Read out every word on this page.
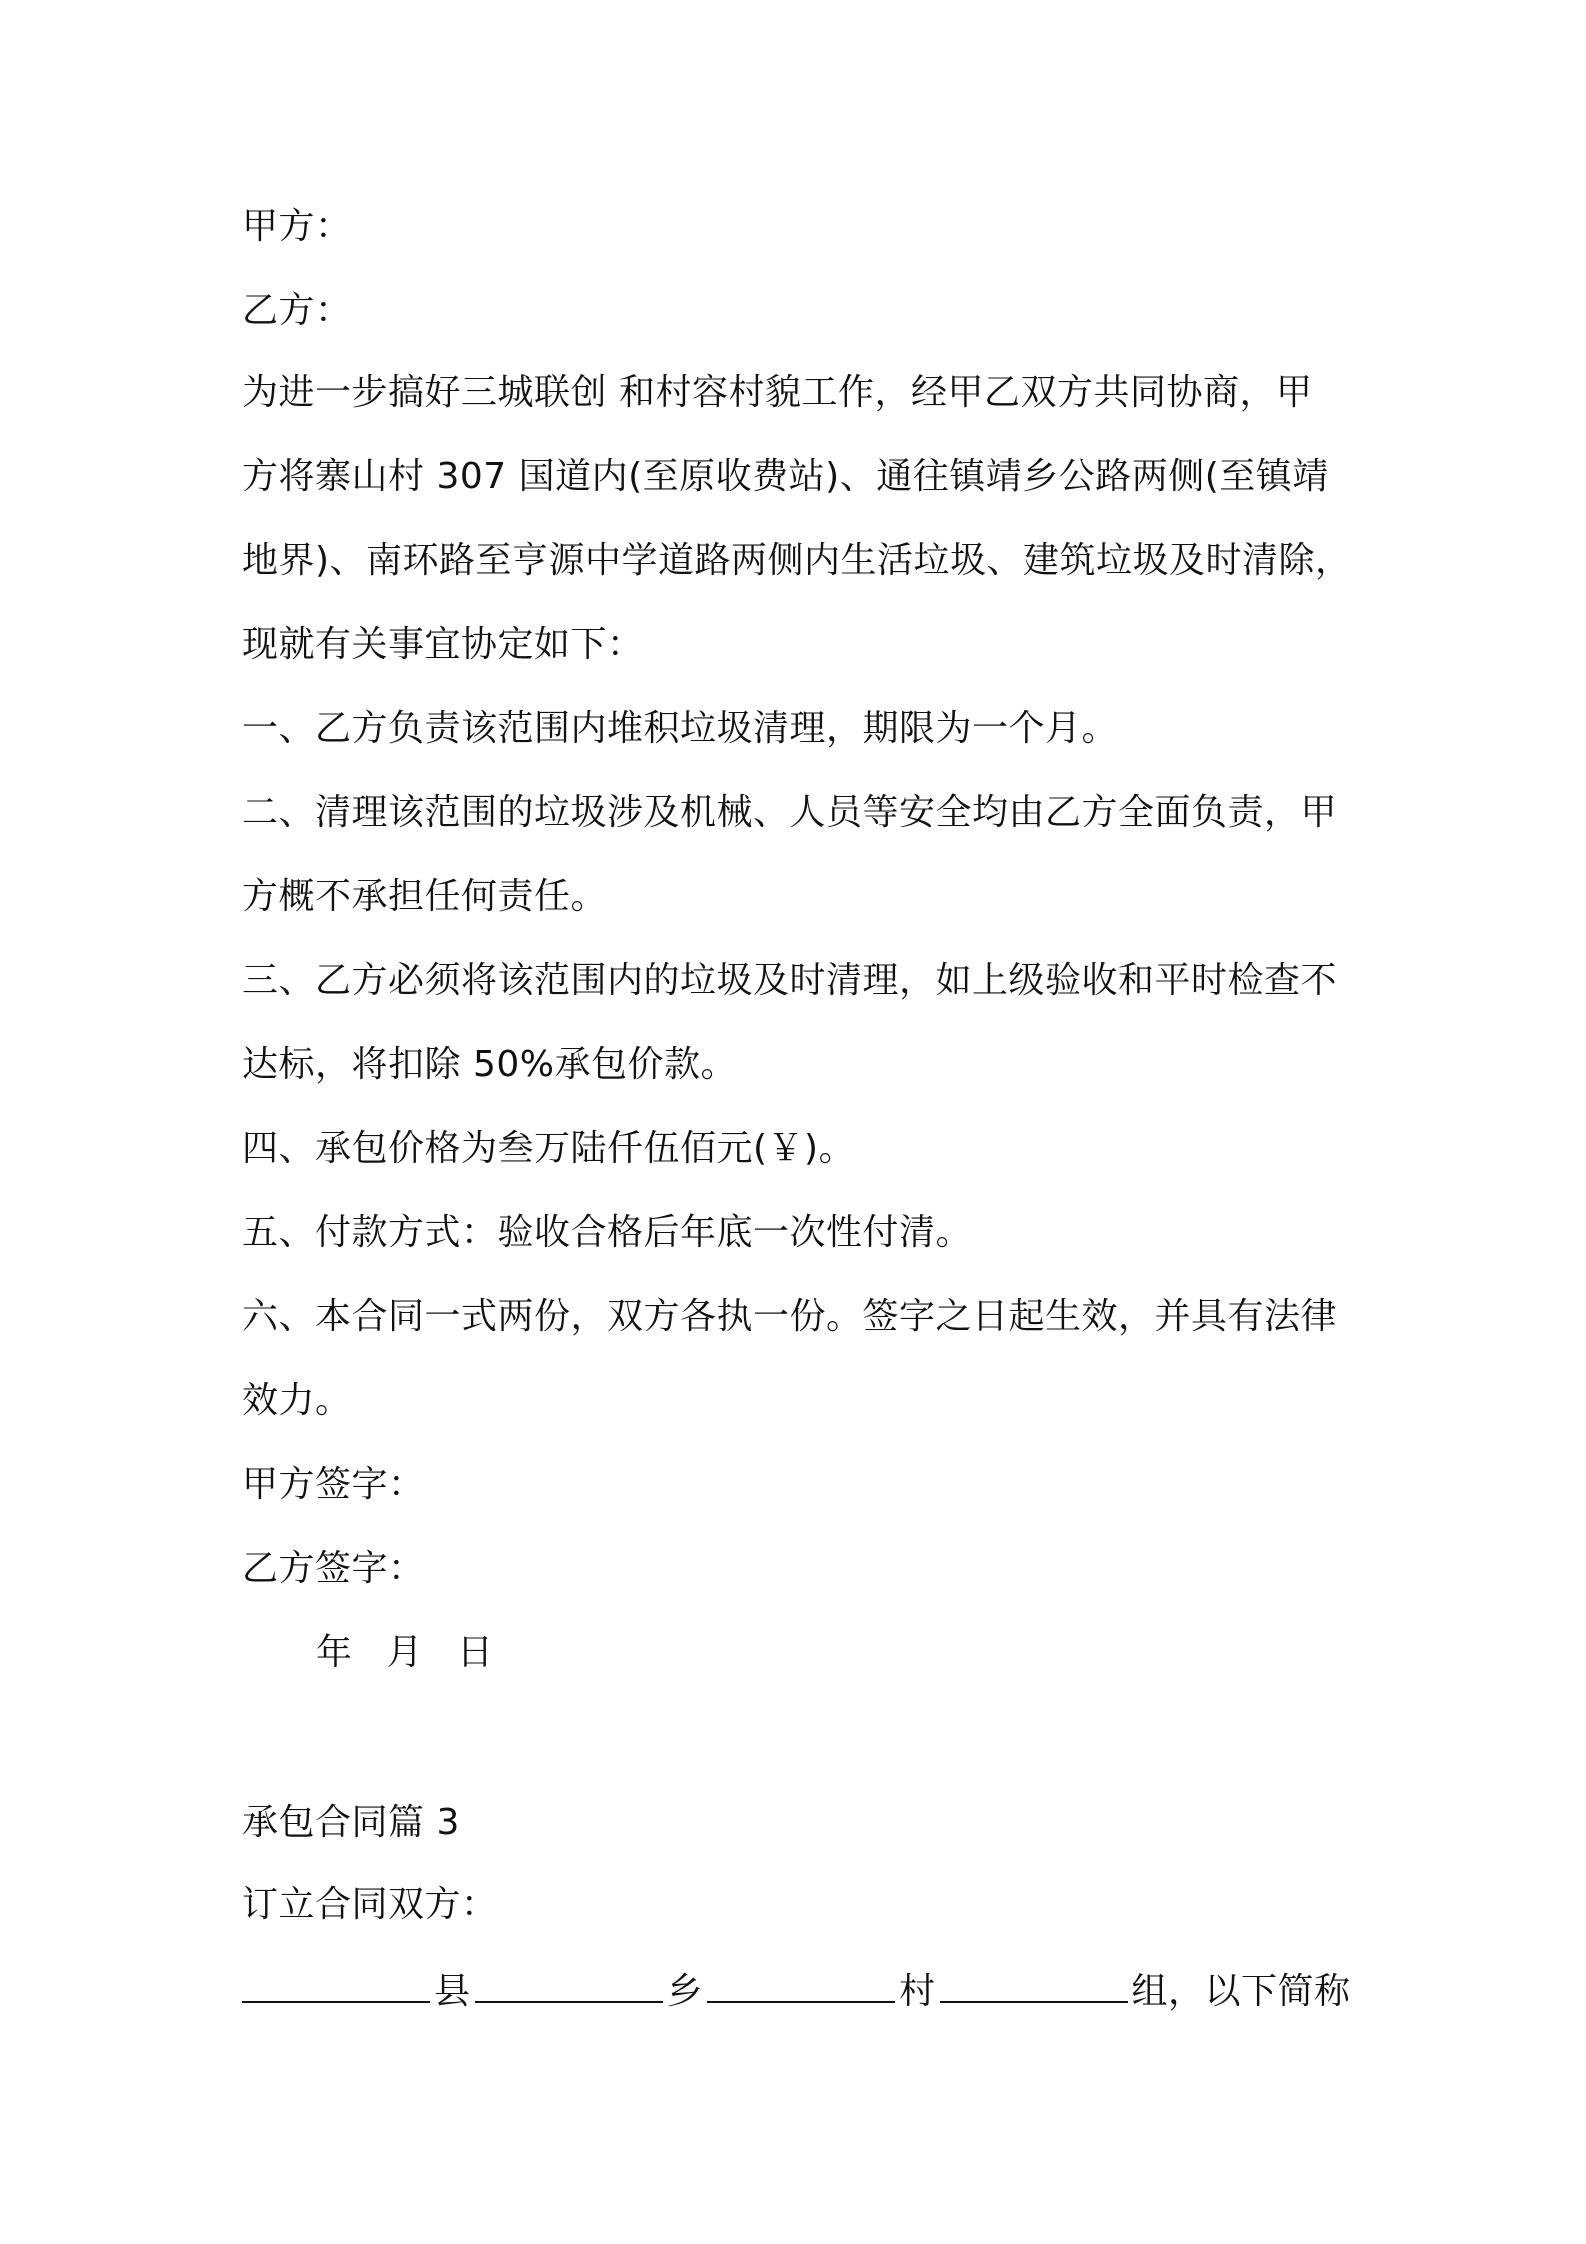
甲方：
乙方：
为进一步搞好三城联创 和村容村貌工作，经甲乙双方共同协商，甲
方将寨山村 307 国道内(至原收费站)、通往镇靖乡公路两侧(至镇靖
地界)、南环路至亨源中学道路两侧内生活垃圾、建筑垃圾及时清除，
现就有关事宜协定如下：
一、乙方负责该范围内堆积垃圾清理，期限为一个月。
二、清理该范围的垃圾涉及机械、人员等安全均由乙方全面负责，甲
方概不承担任何责任。
三、乙方必须将该范围内的垃圾及时清理，如上级验收和平时检查不
达标，将扣除 50%承包价款。
四、承包价格为叁万陆仟伍佰元(￥)。
五、付款方式：验收合格后年底一次性付清。
六、本合同一式两份，双方各执一份。签字之日起生效，并具有法律
效力。
甲方签字：
乙方签字：
年 月 日
承包合同篇 3
订立合同双方：
县	乡	村	组，以下简称
